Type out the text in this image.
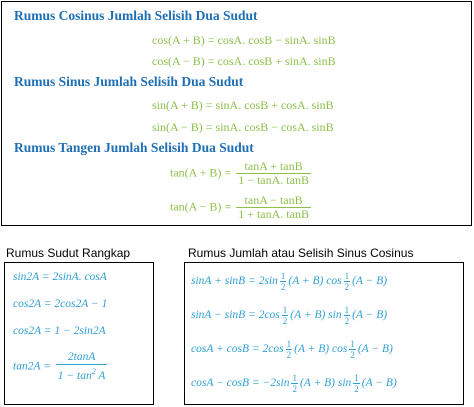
Rumus Cosinus Jumlah Selisih Dua Sudut
cos(A + B) = cosA. cosB − sinA. sinB
cos(A − B) = cosA. cosB + sinA. sinB
Rumus Sinus Jumlah Selisih Dua Sudut
sin(A + B) = sinA. cosB + cosA. sinB
sin(A − B) = sinA. cosB − cosA. sinB
Rumus Tangen Jumlah Selisih Dua Sudut
$\tan(A + B) = \frac{\tan A + \tan B}{1 - \tan A. \tan B}$
$\tan(A - B) = \frac{\tan A - \tan B}{1 + \tan A. \tan B}$
Rumus Sudut Rangkap	Rumus Jumlah atau Selisih Sinus Cosinus
sin2A = 2sinA. cosA
cos2A = 2cos2A − 1
cos2A = 1 − 2sin2A
$\tan 2A = \frac{2\tan A}{1 - \tan^2 A}$
$\sin A + \sin B = 2\sin \frac{1}{2} (A + B)$ $\cos \frac{1}{2} (A - B)$
$\sin A - \sin B = 2\cos \frac{1}{2} (A + B)$ $\sin \frac{1}{2} (A - B)$
$\cos A + \cos B = 2\cos \frac{1}{2} (A + B)$ $\cos \frac{1}{2} (A - B)$
$\cos A - \cos B = -2\sin \frac{1}{2} (A + B)$ $\sin \frac{1}{2} (A - B)$
